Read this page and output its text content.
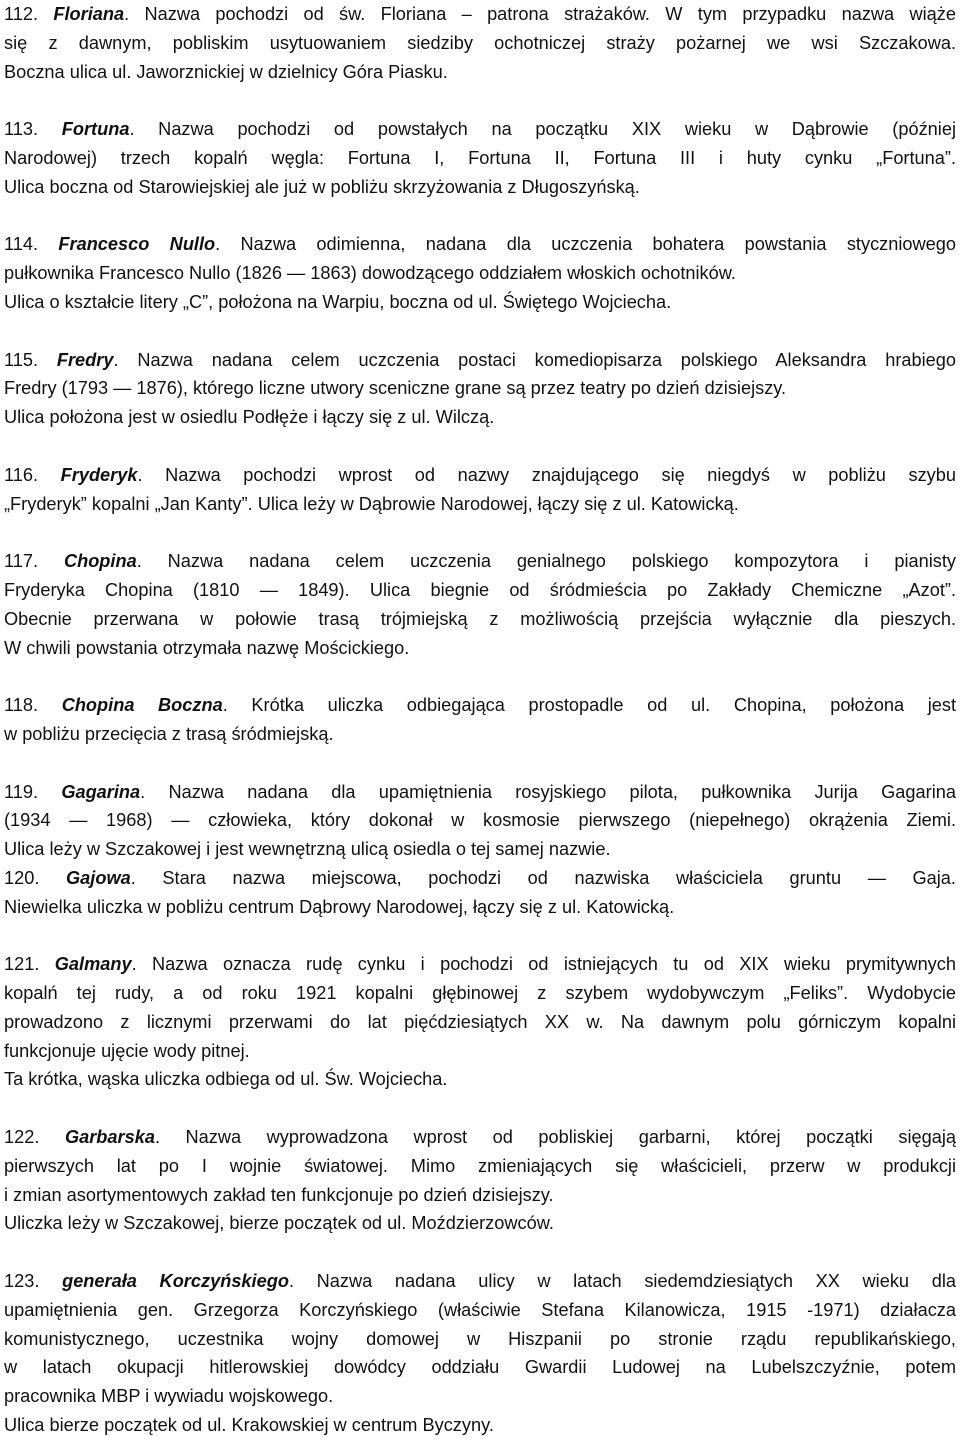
112. Floriana. Nazwa pochodzi od św. Floriana – patrona strażaków. W tym przypadku nazwa wiąże
się z dawnym, pobliskim usytuowaniem siedziby ochotniczej straży pożarnej we wsi Szczakowa.
Boczna ulica ul. Jaworznickiej w dzielnicy Góra Piasku.
113. Fortuna. Nazwa pochodzi od powstałych na początku XIX wieku w Dąbrowie (później
Narodowej) trzech kopalń węgla: Fortuna I, Fortuna II, Fortuna III i huty cynku „Fortuna”.
Ulica boczna od Starowiejskiej ale już w pobliżu skrzyżowania z Długoszyńską.
114. Francesco Nullo. Nazwa odimienna, nadana dla uczczenia bohatera powstania styczniowego
pułkownika Francesco Nullo (1826 — 1863) dowodzącego oddziałem włoskich ochotników.
Ulica o kształcie litery „C”, położona na Warpiu, boczna od ul. Świętego Wojciecha.
115. Fredry. Nazwa nadana celem uczczenia postaci komediopisarza polskiego Aleksandra hrabiego
Fredry (1793 — 1876), którego liczne utwory sceniczne grane są przez teatry po dzień dzisiejszy.
Ulica położona jest w osiedlu Podłęże i łączy się z ul. Wilczą.
116. Fryderyk. Nazwa pochodzi wprost od nazwy znajdującego się niegdyś w pobliżu szybu
„Fryderyk” kopalni „Jan Kanty”. Ulica leży w Dąbrowie Narodowej, łączy się z ul. Katowicką.
117. Chopina. Nazwa nadana celem uczczenia genialnego polskiego kompozytora i pianisty
Fryderyka Chopina (1810 — 1849). Ulica biegnie od śródmieścia po Zakłady Chemiczne „Azot”.
Obecnie przerwana w połowie trasą trójmiejską z możliwością przejścia wyłącznie dla pieszych.
W chwili powstania otrzymała nazwę Mościckiego.
118. Chopina Boczna. Krótka uliczka odbiegająca prostopadle od ul. Chopina, położona jest
w pobliżu przecięcia z trasą śródmiejską.
119. Gagarina. Nazwa nadana dla upamiętnienia rosyjskiego pilota, pułkownika Jurija Gagarina
(1934 — 1968) — człowieka, który dokonał w kosmosie pierwszego (niepełnego) okrążenia Ziemi.
Ulica leży w Szczakowej i jest wewnętrzną ulicą osiedla o tej samej nazwie.
120. Gajowa. Stara nazwa miejscowa, pochodzi od nazwiska właściciela gruntu — Gaja.
Niewielka uliczka w pobliżu centrum Dąbrowy Narodowej, łączy się z ul. Katowicką.
121. Galmany. Nazwa oznacza rudę cynku i pochodzi od istniejących tu od XIX wieku prymitywnych
kopalń tej rudy, a od roku 1921 kopalni głębinowej z szybem wydobywczym „Feliks”. Wydobycie
prowadzono z licznymi przerwami do lat pięćdziesiątych XX w. Na dawnym polu górniczym kopalni
funkcjonuje ujęcie wody pitnej.
Ta krótka, wąska uliczka odbiega od ul. Św. Wojciecha.
122. Garbarska. Nazwa wyprowadzona wprost od pobliskiej garbarni, której początki sięgają
pierwszych lat po I wojnie światowej. Mimo zmieniających się właścicieli, przerw w produkcji
i zmian asortymentowych zakład ten funkcjonuje po dzień dzisiejszy.
Uliczka leży w Szczakowej, bierze początek od ul. Moździerzowców.
123. generała Korczyńskiego. Nazwa nadana ulicy w latach siedemdziesiątych XX wieku dla
upamiętnienia gen. Grzegorza Korczyńskiego (właściwie Stefana Kilanowicza, 1915 -1971) działacza
komunistycznego, uczestnika wojny domowej w Hiszpanii po stronie rządu republikańskiego,
w latach okupacji hitlerowskiej dowódcy oddziału Gwardii Ludowej na Lubelszczyźnie, potem
pracownika MBP i wywiadu wojskowego.
Ulica bierze początek od ul. Krakowskiej w centrum Byczyny.
